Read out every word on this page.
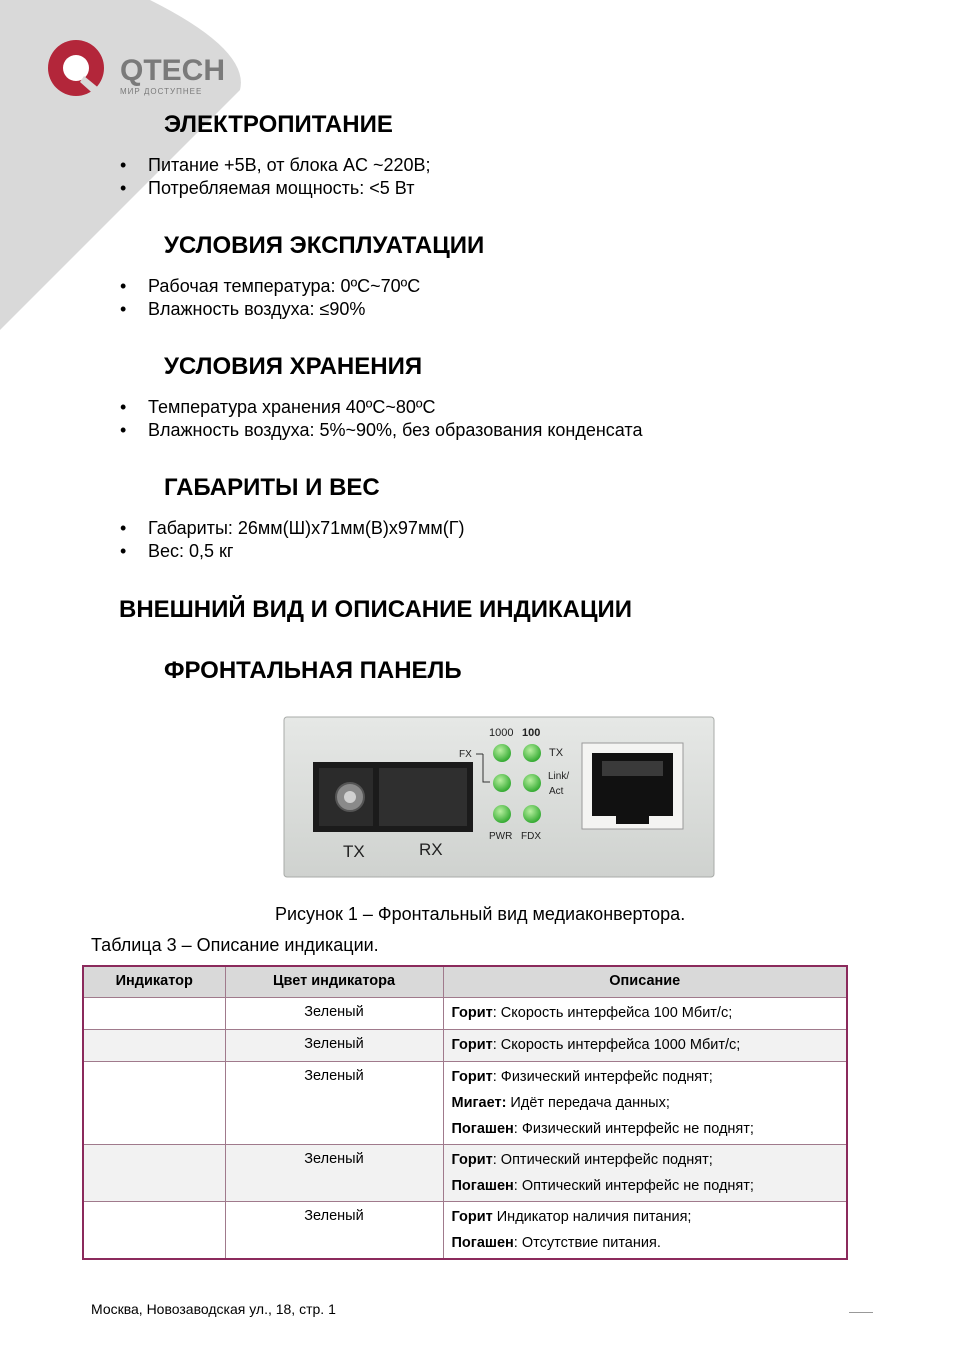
QTECH
МИР ДОСТУПНЕЕ
ЭЛЕКТРОПИТАНИЕ
• Питание +5В, от блока AC ~220В;
• Потребляемая мощность: <5 Вт
УСЛОВИЯ ЭКСПЛУАТАЦИИ
• Рабочая температура: 0ºC~70ºC
• Влажность воздуха: ≤90%
УСЛОВИЯ ХРАНЕНИЯ
• Температура хранения 40ºC~80ºC
• Влажность воздуха: 5%~90%, без образования конденсата
ГАБАРИТЫ И ВЕС
• Габариты: 26мм(Ш)x71мм(В)x97мм(Г)
• Вес: 0,5 кг
ВНЕШНИЙ ВИД И ОПИСАНИЕ ИНДИКАЦИИ
ФРОНТАЛЬНАЯ ПАНЕЛЬ
TX	RX
1000 100
FX	TX
Link/
Act
PWR FDX
Рисунок 1 – Фронтальный вид медиаконвертора.
Таблица 3 – Описание индикации.
Индикатор	Цвет индикатора	Описание
	Зеленый	Горит: Скорость интерфейса 100 Мбит/с;

	Зеленый	Горит: Скорость интерфейса 1000 Мбит/с;

	Зеленый	Горит: Физический интерфейс поднят;

Мигает: Идёт передача данных;

Погашен: Физический интерфейс не поднят;

	Зеленый	Горит: Оптический интерфейс поднят;

Погашен: Оптический интерфейс не поднят;

	Зеленый	Горит Индикатор наличия питания;

Погашен: Отсутствие питания.

Москва, Новозаводская ул., 18, стр. 1
